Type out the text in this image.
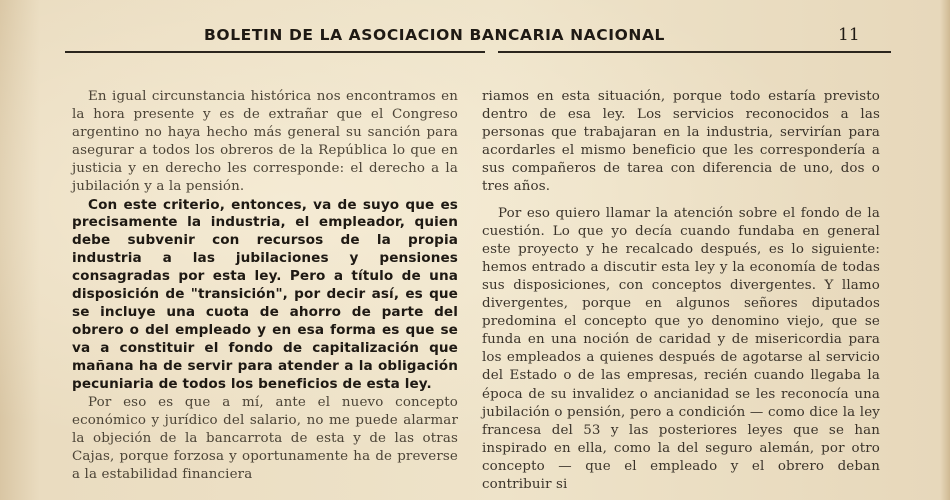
BOLETIN DE LA ASOCIACION BANCARIA NACIONAL	11

En igual circunstancia histórica nos encontramos en la hora presente y es de extrañar que el Congreso argentino no haya hecho más general su sanción para asegurar a todos los obreros de la República lo que en justicia y en derecho les corresponde: el derecho a la jubilación y a la pensión.

Con este criterio, entonces, va de suyo que es precisamente la industria, el empleador, quien debe subvenir con recursos de la propia industria a las jubilaciones y pensiones consagradas por esta ley. Pero a título de una disposición de "transición", por decir así, es que se incluye una cuota de ahorro de parte del obrero o del empleado y en esa forma es que se va a constituir el fondo de capitalización que mañana ha de servir para atender a la obligación pecuniaria de todos los beneficios de esta ley.

Por eso es que a mí, ante el nuevo concepto económico y jurídico del salario, no me puede alarmar la objeción de la bancarrota de esta y de las otras Cajas, porque forzosa y oportunamente ha de preverse a la estabilidad financiera

riamos en esta situación, porque todo estaría previsto dentro de esa ley. Los servicios reconocidos a las personas que trabajaran en la industria, servirían para acordarles el mismo beneficio que les correspondería a sus compañeros de tarea con diferencia de uno, dos o tres años.

Por eso quiero llamar la atención sobre el fondo de la cuestión. Lo que yo decía cuando fundaba en general este proyecto y he recalcado después, es lo siguiente: hemos entrado a discutir esta ley y la economía de todas sus disposiciones, con conceptos divergentes. Y llamo divergentes, porque en algunos señores diputados predomina el concepto que yo denomino viejo, que se funda en una noción de caridad y de misericordia para los empleados a quienes después de agotarse al servicio del Estado o de las empresas, recién cuando llegaba la época de su invalidez o ancianidad se les reconocía una jubilación o pensión, pero a condición — como dice la ley francesa del 53 y las posteriores leyes que se han inspirado en ella, como la del seguro alemán, por otro concepto — que el empleado y el obrero deban contribuir si
